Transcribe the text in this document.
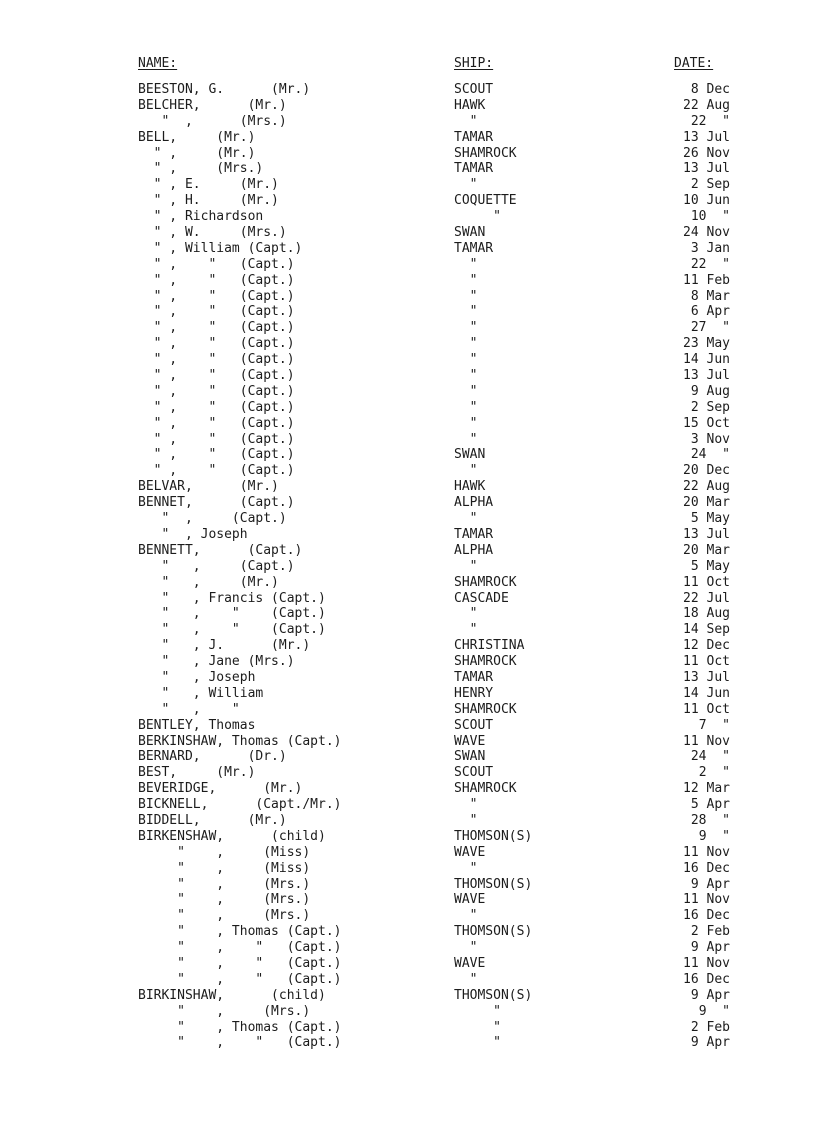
NAME:	SHIP:	DATE:
BEESTON, G.      (Mr.)	SCOUT	8 Dec
BELCHER,      (Mr.)	HAWK	22 Aug
"  ,      (Mrs.)	"	22  "
BELL,     (Mr.)	TAMAR	13 Jul
" ,     (Mr.)	SHAMROCK	26 Nov
" ,     (Mrs.)	TAMAR	13 Jul
" , E.     (Mr.)	"	2 Sep
" , H.     (Mr.)	COQUETTE	10 Jun
" , Richardson	"	10  "
" , W.     (Mrs.)	SWAN	24 Nov
" , William (Capt.)	TAMAR	3 Jan
" ,    "   (Capt.)	"	22  "
" ,    "   (Capt.)	"	11 Feb
" ,    "   (Capt.)	"	8 Mar
" ,    "   (Capt.)	"	6 Apr
" ,    "   (Capt.)	"	27  "
" ,    "   (Capt.)	"	23 May
" ,    "   (Capt.)	"	14 Jun
" ,    "   (Capt.)	"	13 Jul
" ,    "   (Capt.)	"	9 Aug
" ,    "   (Capt.)	"	2 Sep
" ,    "   (Capt.)	"	15 Oct
" ,    "   (Capt.)	"	3 Nov
" ,    "   (Capt.)	SWAN	24  "
" ,    "   (Capt.)	"	20 Dec
BELVAR,      (Mr.)	HAWK	22 Aug
BENNET,      (Capt.)	ALPHA	20 Mar
"  ,     (Capt.)	"	5 May
"  , Joseph	TAMAR	13 Jul
BENNETT,      (Capt.)	ALPHA	20 Mar
"   ,     (Capt.)	"	5 May
"   ,     (Mr.)	SHAMROCK	11 Oct
"   , Francis (Capt.)	CASCADE	22 Jul
"   ,    "    (Capt.)	"	18 Aug
"   ,    "    (Capt.)	"	14 Sep
"   , J.      (Mr.)	CHRISTINA	12 Dec
"   , Jane (Mrs.)	SHAMROCK	11 Oct
"   , Joseph	TAMAR	13 Jul
"   , William	HENRY	14 Jun
"   ,    "	SHAMROCK	11 Oct
BENTLEY, Thomas	SCOUT	7  "
BERKINSHAW, Thomas (Capt.)	WAVE	11 Nov
BERNARD,      (Dr.)	SWAN	24  "
BEST,     (Mr.)	SCOUT	2  "
BEVERIDGE,      (Mr.)	SHAMROCK	12 Mar
BICKNELL,      (Capt./Mr.)	"	5 Apr
BIDDELL,      (Mr.)	"	28  "
BIRKENSHAW,      (child)	THOMSON(S)	9  "
"    ,     (Miss)	WAVE	11 Nov
"    ,     (Miss)	"	16 Dec
"    ,     (Mrs.)	THOMSON(S)	9 Apr
"    ,     (Mrs.)	WAVE	11 Nov
"    ,     (Mrs.)	"	16 Dec
"    , Thomas (Capt.)	THOMSON(S)	2 Feb
"    ,    "   (Capt.)	"	9 Apr
"    ,    "   (Capt.)	WAVE	11 Nov
"    ,    "   (Capt.)	"	16 Dec
BIRKINSHAW,      (child)	THOMSON(S)	9 Apr
"    ,     (Mrs.)	"	9  "
"    , Thomas (Capt.)	"	2 Feb
"    ,    "   (Capt.)	"	9 Apr
